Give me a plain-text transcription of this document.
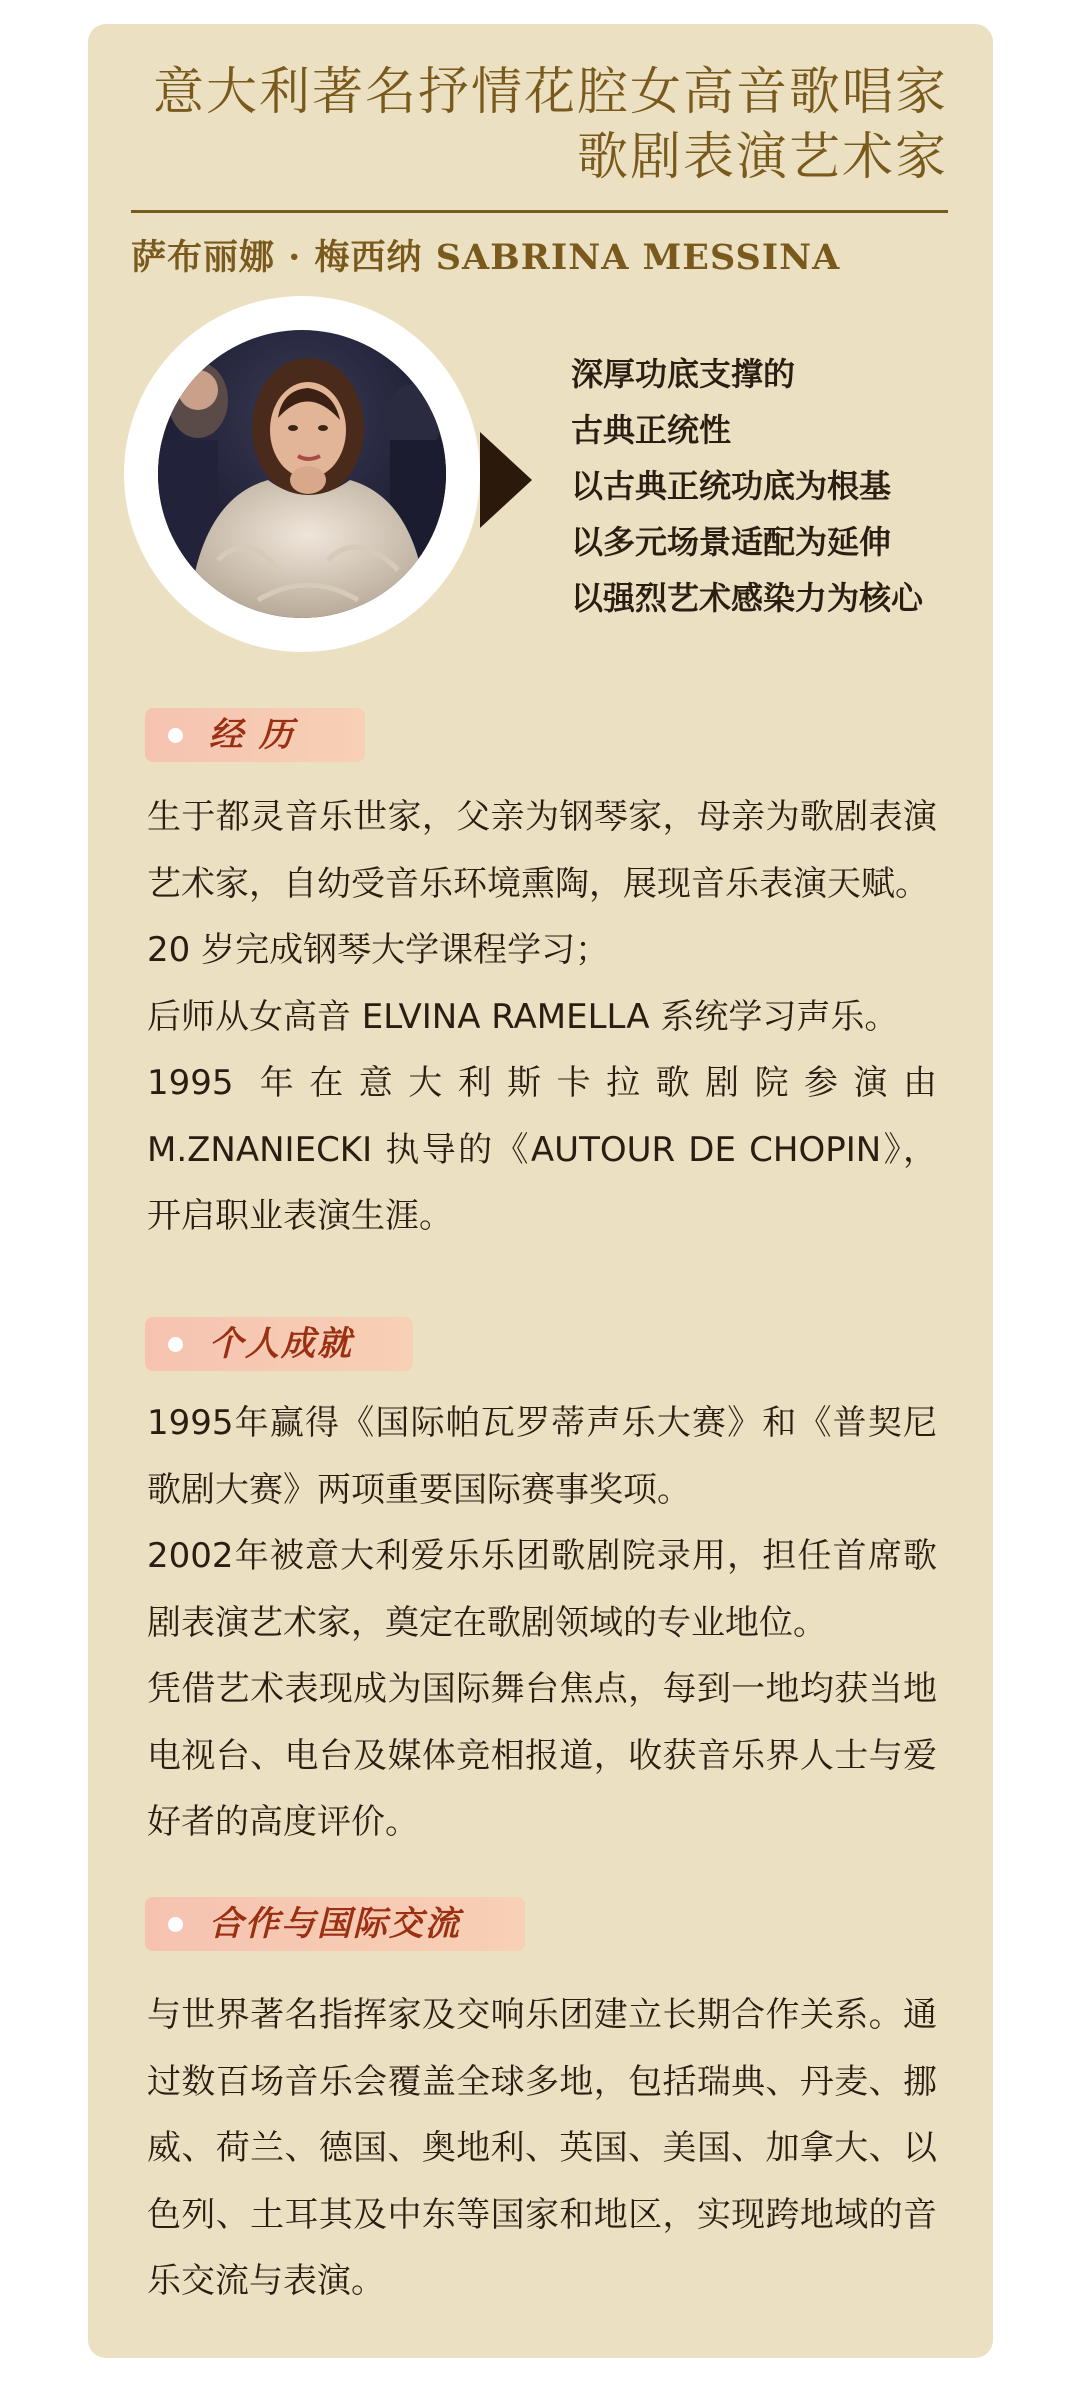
意大利著名抒情花腔女高音歌唱家
歌剧表演艺术家
萨布丽娜 · 梅西纳 SABRINA MESSINA
深厚功底支撑的
古典正统性
以古典正统功底为根基
以多元场景适配为延伸
以强烈艺术感染力为核心
经 历

生于都灵音乐世家，父亲为钢琴家，母亲为歌剧表演艺术家，自幼受音乐环境熏陶，展现音乐表演天赋。

20 岁完成钢琴大学课程学习；

后师从女高音 ELVINA RAMELLA 系统学习声乐。

1995 年在意大利斯卡拉歌剧院参演由 M.ZNANIECKI 执导的《AUTOUR DE CHOPIN》，开启职业表演生涯。

个人成就

1995年赢得《国际帕瓦罗蒂声乐大赛》和《普契尼歌剧大赛》两项重要国际赛事奖项。

2002年被意大利爱乐乐团歌剧院录用，担任首席歌剧表演艺术家，奠定在歌剧领域的专业地位。

凭借艺术表现成为国际舞台焦点，每到一地均获当地电视台、电台及媒体竞相报道，收获音乐界人士与爱好者的高度评价。

合作与国际交流

与世界著名指挥家及交响乐团建立长期合作关系。通过数百场音乐会覆盖全球多地，包括瑞典、丹麦、挪威、荷兰、德国、奥地利、英国、美国、加拿大、以色列、土耳其及中东等国家和地区，实现跨地域的音乐交流与表演。
